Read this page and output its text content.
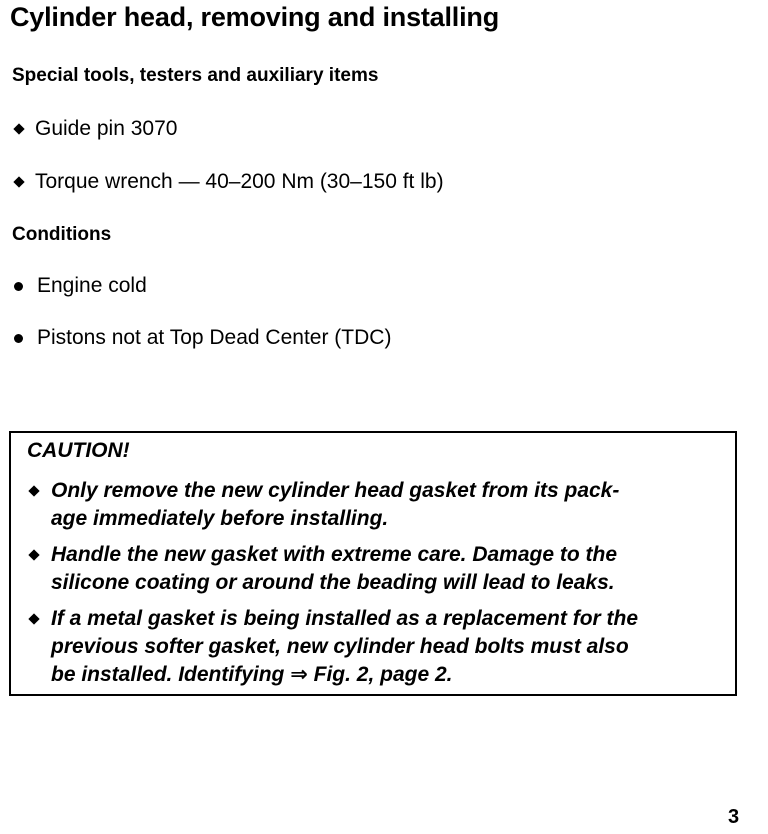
Cylinder head, removing and installing
Special tools, testers and auxiliary items
Guide pin 3070
Torque wrench — 40–200 Nm (30–150 ft lb)
Conditions
Engine cold
Pistons not at Top Dead Center (TDC)
CAUTION!
Only remove the new cylinder head gasket from its pack-
age immediately before installing.
Handle the new gasket with extreme care. Damage to the
silicone coating or around the beading will lead to leaks.
If a metal gasket is being installed as a replacement for the
previous softer gasket, new cylinder head bolts must also
be installed. Identifying ⇒ Fig. 2, page 2.
3
